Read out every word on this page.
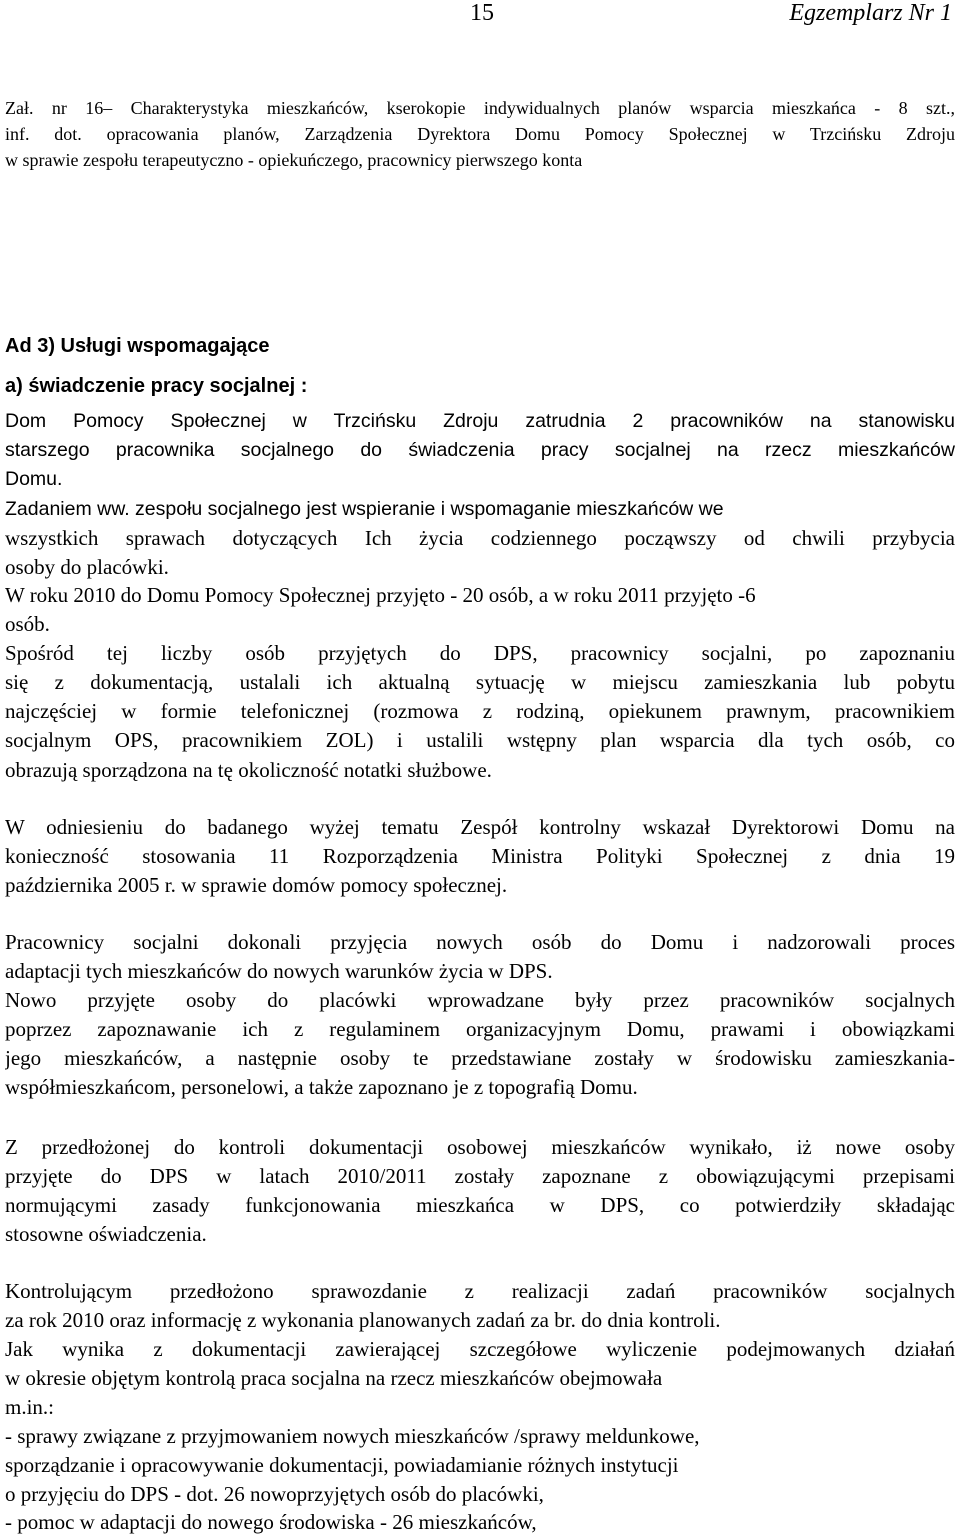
15	Egzemplarz Nr 1
Zał. nr 16– Charakterystyka mieszkańców, kserokopie indywidualnych planów wsparcia mieszkańca - 8 szt.,
inf. dot. opracowania planów, Zarządzenia Dyrektora Domu Pomocy Społecznej w Trzcińsku Zdroju
w sprawie zespołu terapeutyczno - opiekuńczego, pracownicy pierwszego konta
Ad 3) Usługi wspomagające
a) świadczenie pracy socjalnej :
Dom Pomocy Społecznej w Trzcińsku Zdroju zatrudnia 2 pracowników na stanowisku
starszego pracownika socjalnego do świadczenia pracy socjalnej na rzecz mieszkańców
Domu.
Zadaniem ww. zespołu socjalnego jest wspieranie i wspomaganie mieszkańców we
wszystkich sprawach dotyczących Ich życia codziennego począwszy od chwili przybycia
osoby do placówki.
W roku 2010 do Domu Pomocy Społecznej przyjęto - 20 osób, a w roku 2011 przyjęto -6
osób.
Spośród tej liczby osób przyjętych do DPS, pracownicy socjalni, po zapoznaniu
się z dokumentacją, ustalali ich aktualną sytuację w miejscu zamieszkania lub pobytu
najczęściej w formie telefonicznej (rozmowa z rodziną, opiekunem prawnym, pracownikiem
socjalnym OPS, pracownikiem ZOL) i ustalili wstępny plan wsparcia dla tych osób, co
obrazują sporządzona na tę okoliczność notatki służbowe.
W odniesieniu do badanego wyżej tematu Zespół kontrolny wskazał Dyrektorowi Domu na
konieczność stosowania 11 Rozporządzenia Ministra Polityki Społecznej z dnia 19
października 2005 r. w sprawie domów pomocy społecznej.
Pracownicy socjalni dokonali przyjęcia nowych osób do Domu i nadzorowali proces
adaptacji tych mieszkańców do nowych warunków życia w DPS.
Nowo przyjęte osoby do placówki wprowadzane były przez pracowników socjalnych
poprzez zapoznawanie ich z regulaminem organizacyjnym Domu, prawami i obowiązkami
jego mieszkańców, a następnie osoby te przedstawiane zostały w środowisku zamieszkania-
współmieszkańcom, personelowi, a także zapoznano je z topografią Domu.
Z przedłożonej do kontroli dokumentacji osobowej mieszkańców wynikało, iż nowe osoby
przyjęte do DPS w latach 2010/2011 zostały zapoznane z obowiązującymi przepisami
normującymi zasady funkcjonowania mieszkańca w DPS, co potwierdziły składając
stosowne oświadczenia.
Kontrolującym przedłożono sprawozdanie z realizacji zadań pracowników socjalnych
za rok 2010 oraz informację z wykonania planowanych zadań za br. do dnia kontroli.
Jak wynika z dokumentacji zawierającej szczegółowe wyliczenie podejmowanych działań
w okresie objętym kontrolą praca socjalna na rzecz mieszkańców obejmowała
m.in.:
- sprawy związane z przyjmowaniem nowych mieszkańców /sprawy meldunkowe,
sporządzanie i opracowywanie dokumentacji, powiadamianie różnych instytucji
o przyjęciu do DPS - dot. 26 nowoprzyjętych osób do placówki,
- pomoc w adaptacji do nowego środowiska - 26 mieszkańców,
